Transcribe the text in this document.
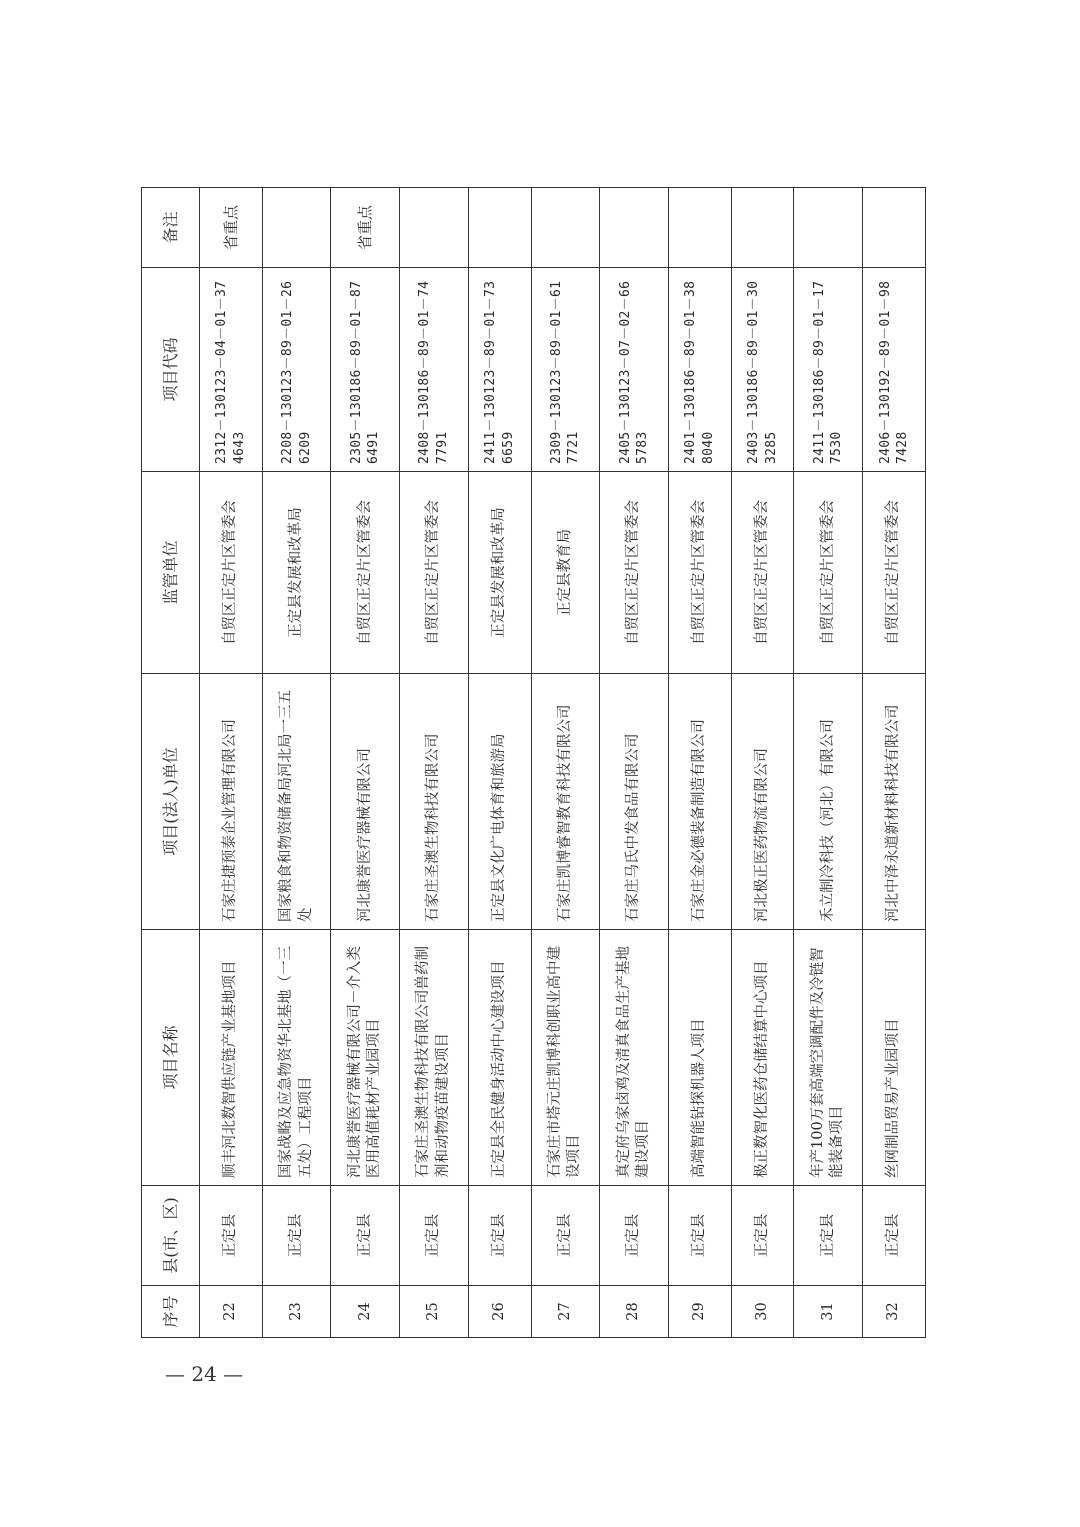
序号	县(市、区)	项目名称	项目(法人)单位	监管单位	项目代码	备注
22	正定县	顺丰河北数智供应链产业基地项目	石家庄捷预泰企业管理有限公司	自贸区正定片区管委会	2312－130123－04－01－374643	省重点
23	正定县	国家战略及应急物资华北基地（一三五处）工程项目	国家粮食和物资储备局河北局一三五处	正定县发展和改革局	2208－130123－89－01－266209	
24	正定县	河北康誉医疗器械有限公司－介入类医用高值耗材产业园项目	河北康誉医疗器械有限公司	自贸区正定片区管委会	2305－130186－89－01－876491	省重点
25	正定县	石家庄圣澳生物科技有限公司兽药制剂和动物疫苗建设项目	石家庄圣澳生物科技有限公司	自贸区正定片区管委会	2408－130186－89－01－747791	
26	正定县	正定县全民健身活动中心建设项目	正定县文化广电体育和旅游局	正定县发展和改革局	2411－130123－89－01－736659	
27	正定县	石家庄市塔元庄凯博科创职业高中建设项目	石家庄凯博睿智教育科技有限公司	正定县教育局	2309－130123－89－01－617721	
28	正定县	真定府乌家卤鸡及清真食品生产基地建设项目	石家庄马氏中发食品有限公司	自贸区正定片区管委会	2405－130123－07－02－665783	
29	正定县	高端智能钻探机器人项目	石家庄金必德装备制造有限公司	自贸区正定片区管委会	2401－130186－89－01－388040	
30	正定县	极正数智化医药仓储结算中心项目	河北极正医药物流有限公司	自贸区正定片区管委会	2403－130186－89－01－303285	
31	正定县	年产100万套高端空调配件及冷链智能装备项目	禾立制冷科技（河北）有限公司	自贸区正定片区管委会	2411－130186－89－01－177530	
32	正定县	丝网制品贸易产业园项目	河北中泽永道新材料科技有限公司	自贸区正定片区管委会	2406－130192－89－01－987428	
— 24 —
